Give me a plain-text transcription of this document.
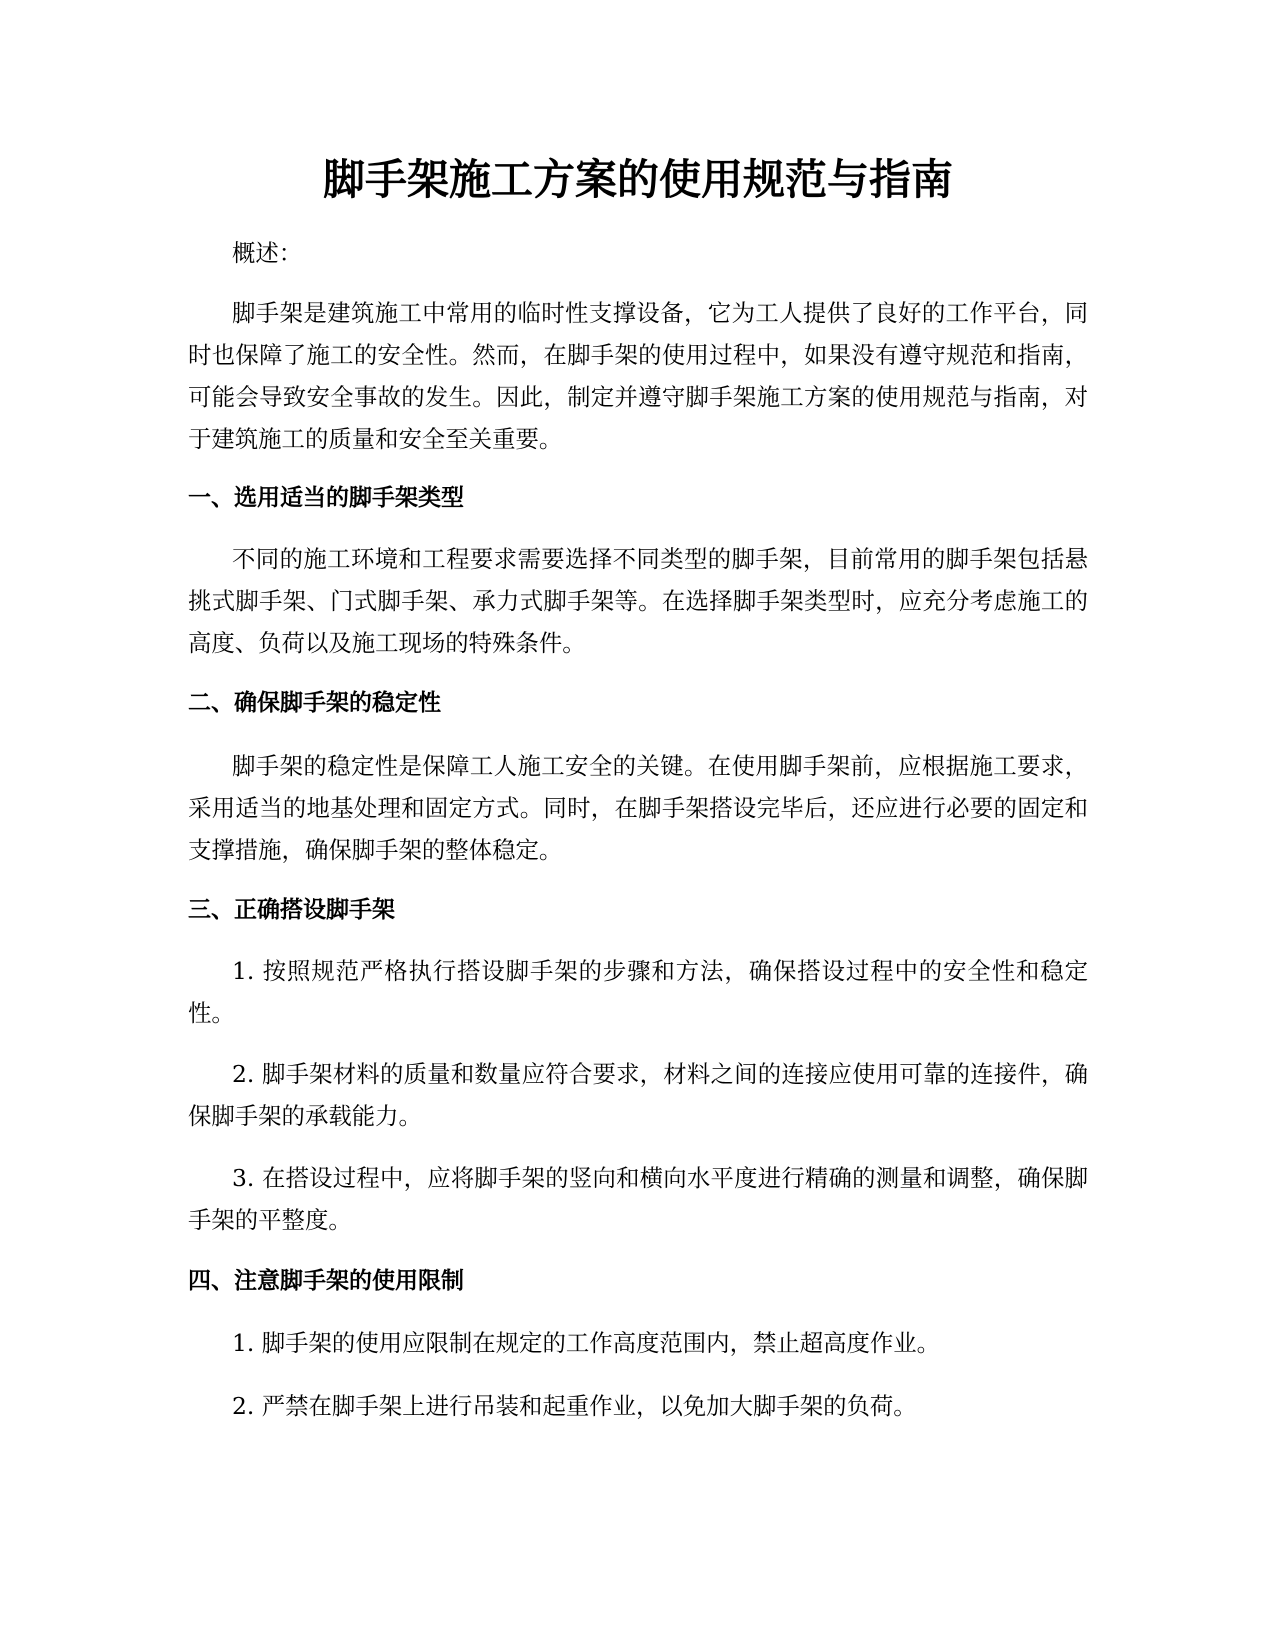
脚手架施工方案的使用规范与指南

概述：

脚手架是建筑施工中常用的临时性支撑设备，它为工人提供了良好的工作平台，同时也保障了施工的安全性。然而，在脚手架的使用过程中，如果没有遵守规范和指南，可能会导致安全事故的发生。因此，制定并遵守脚手架施工方案的使用规范与指南，对于建筑施工的质量和安全至关重要。

一、选用适当的脚手架类型

不同的施工环境和工程要求需要选择不同类型的脚手架，目前常用的脚手架包括悬挑式脚手架、门式脚手架、承力式脚手架等。在选择脚手架类型时，应充分考虑施工的高度、负荷以及施工现场的特殊条件。

二、确保脚手架的稳定性

脚手架的稳定性是保障工人施工安全的关键。在使用脚手架前，应根据施工要求，采用适当的地基处理和固定方式。同时，在脚手架搭设完毕后，还应进行必要的固定和支撑措施，确保脚手架的整体稳定。

三、正确搭设脚手架

1. 按照规范严格执行搭设脚手架的步骤和方法，确保搭设过程中的安全性和稳定性。

2. 脚手架材料的质量和数量应符合要求，材料之间的连接应使用可靠的连接件，确保脚手架的承载能力。

3. 在搭设过程中，应将脚手架的竖向和横向水平度进行精确的测量和调整，确保脚手架的平整度。

四、注意脚手架的使用限制

1. 脚手架的使用应限制在规定的工作高度范围内，禁止超高度作业。

2. 严禁在脚手架上进行吊装和起重作业，以免加大脚手架的负荷。
